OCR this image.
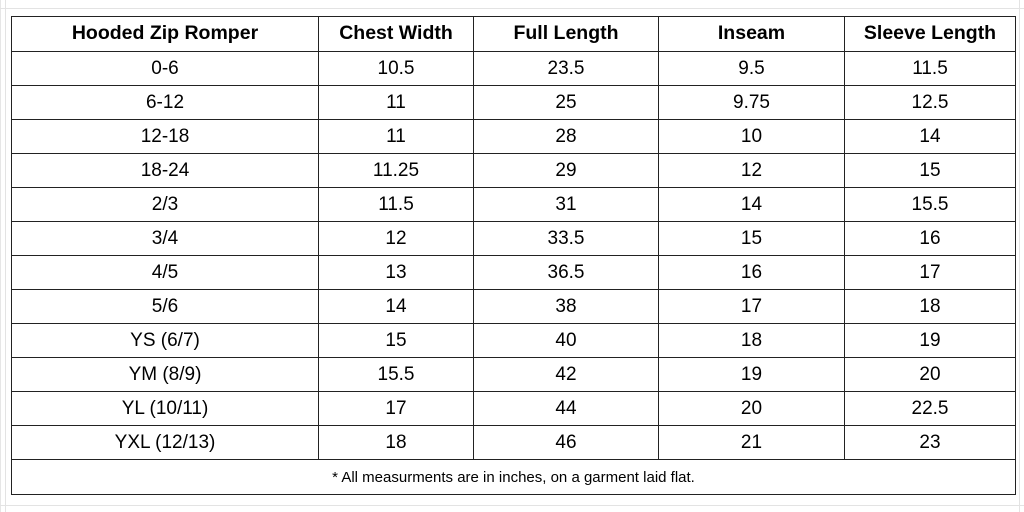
Hooded Zip Romper	Chest Width	Full Length	Inseam	Sleeve Length
0-6	10.5	23.5	9.5	11.5
6-12	11	25	9.75	12.5
12-18	11	28	10	14
18-24	11.25	29	12	15
2/3	11.5	31	14	15.5
3/4	12	33.5	15	16
4/5	13	36.5	16	17
5/6	14	38	17	18
YS (6/7)	15	40	18	19
YM (8/9)	15.5	42	19	20
YL (10/11)	17	44	20	22.5
YXL (12/13)	18	46	21	23
* All measurments are in inches, on a garment laid flat.				
